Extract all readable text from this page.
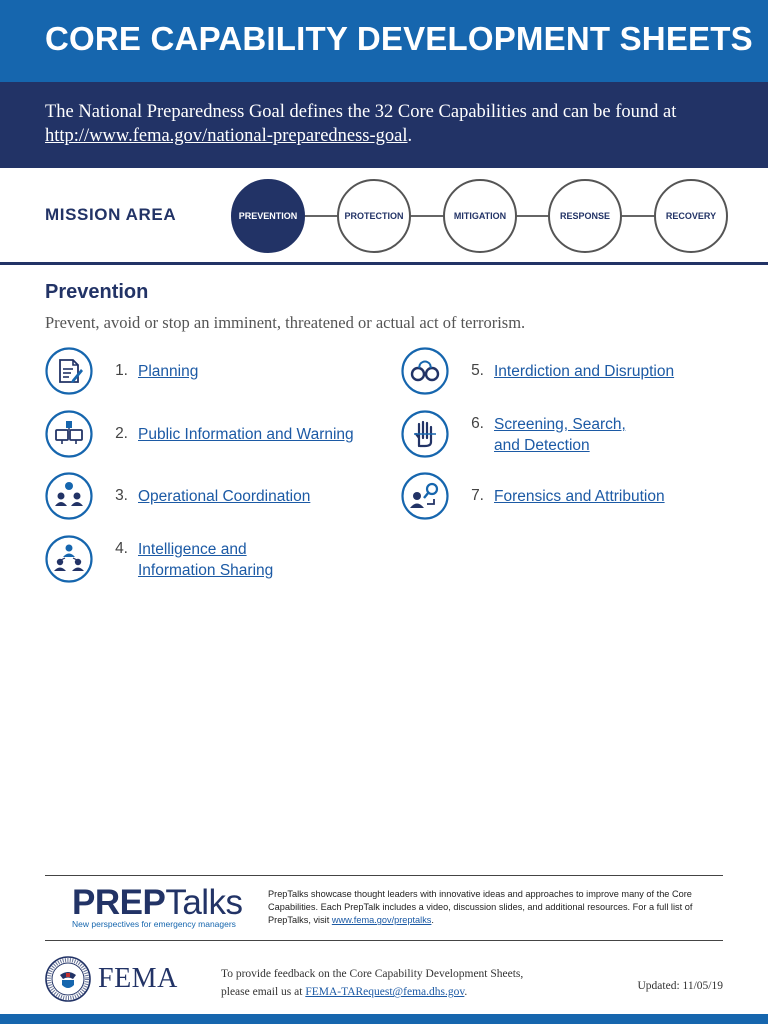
CORE CAPABILITY DEVELOPMENT SHEETS
The National Preparedness Goal defines the 32 Core Capabilities and can be found at http://www.fema.gov/national-preparedness-goal.
MISSION AREA	PREVENTION	PROTECTION	MITIGATION	RESPONSE	RECOVERY
Prevention
Prevent, avoid or stop an imminent, threatened or actual act of terrorism.
1. Planning
2. Public Information and Warning
3. Operational Coordination
4. Intelligence and
Information Sharing
5. Interdiction and Disruption
6. Screening, Search,
and Detection
7. Forensics and Attribution
PREPTalks
New perspectives for emergency managers
PrepTalks showcase thought leaders with innovative ideas and approaches to improve many of the Core Capabilities. Each PrepTalk includes a video, discussion slides, and additional resources. For a full list of PrepTalks, visit www.fema.gov/preptalks.
FEMA	To provide feedback on the Core Capability Development Sheets,
please email us at FEMA-TARequest@fema.dhs.gov.	Updated: 11/05/19
